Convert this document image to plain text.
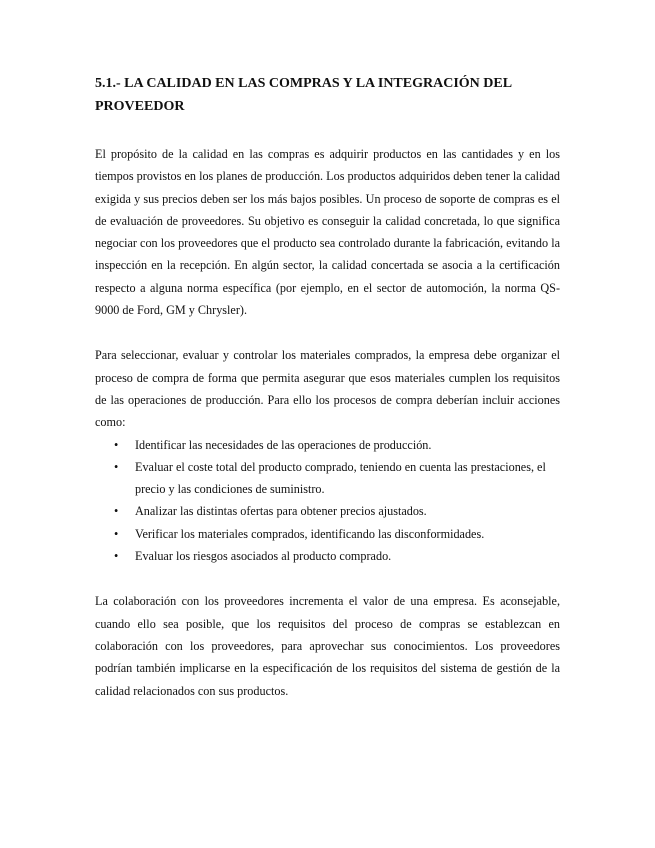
5.1.- LA CALIDAD EN LAS COMPRAS Y LA INTEGRACIÓN DEL PROVEEDOR

El propósito de la calidad en las compras es adquirir productos en las cantidades y en los tiempos provistos en los planes de producción. Los productos adquiridos deben tener la calidad exigida y sus precios deben ser los más bajos posibles. Un proceso de soporte de compras es el de evaluación de proveedores. Su objetivo es conseguir la calidad concretada, lo que significa negociar con los proveedores que el producto sea controlado durante la fabricación, evitando la inspección en la recepción. En algún sector, la calidad concertada se asocia a la certificación respecto a alguna norma específica (por ejemplo, en el sector de automoción, la norma QS-9000 de Ford, GM y Chrysler).

Para seleccionar, evaluar y controlar los materiales comprados, la empresa debe organizar el proceso de compra de forma que permita asegurar que esos materiales cumplen los requisitos de las operaciones de producción. Para ello los procesos de compra deberían incluir acciones como:

• Identificar las necesidades de las operaciones de producción.
• Evaluar el coste total del producto comprado, teniendo en cuenta las prestaciones, el precio y las condiciones de suministro.
• Analizar las distintas ofertas para obtener precios ajustados.
• Verificar los materiales comprados, identificando las disconformidades.
• Evaluar los riesgos asociados al producto comprado.

La colaboración con los proveedores incrementa el valor de una empresa. Es aconsejable, cuando ello sea posible, que los requisitos del proceso de compras se establezcan en colaboración con los proveedores, para aprovechar sus conocimientos. Los proveedores podrían también implicarse en la especificación de los requisitos del sistema de gestión de la calidad relacionados con sus productos.
